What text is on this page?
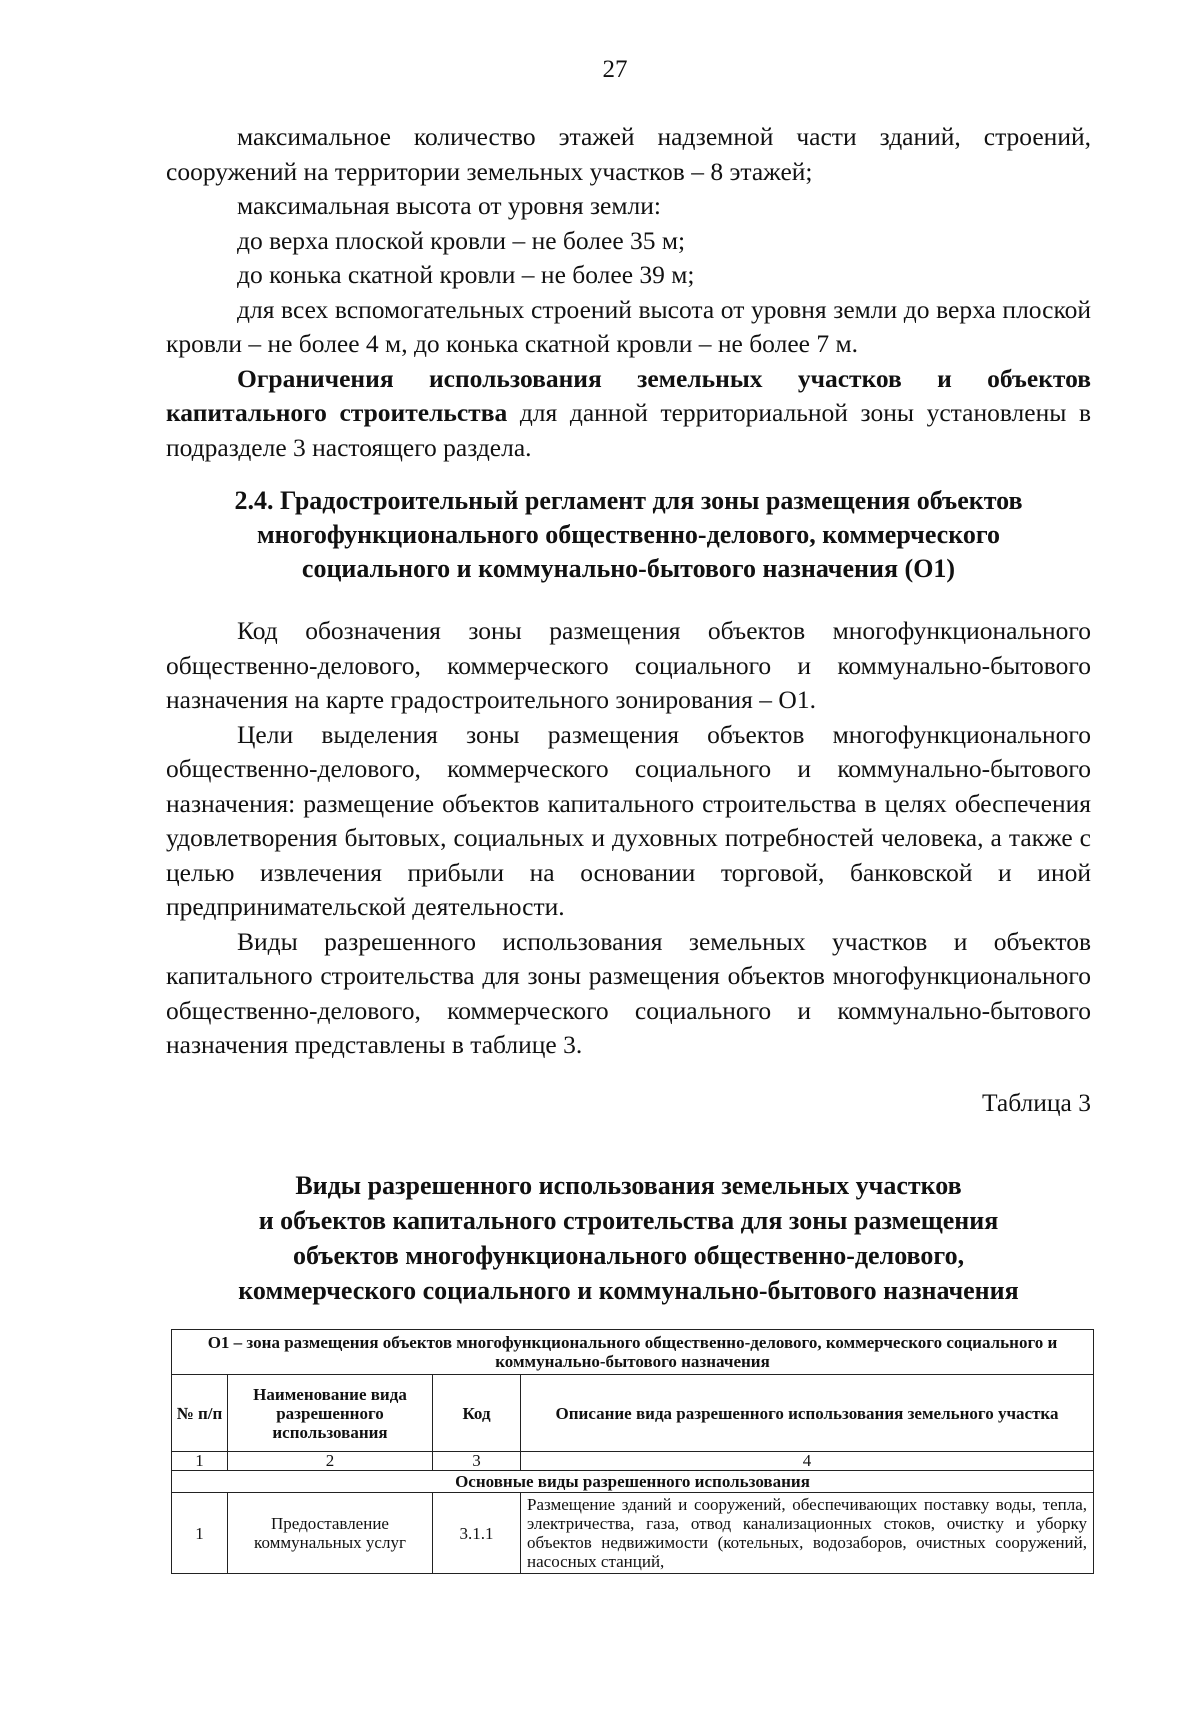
27

максимальное количество этажей надземной части зданий, строений, сооружений на территории земельных участков – 8 этажей;

максимальная высота от уровня земли:

до верха плоской кровли – не более 35 м;

до конька скатной кровли – не более 39 м;

для всех вспомогательных строений высота от уровня земли до верха плоской кровли – не более 4 м, до конька скатной кровли – не более 7 м.

Ограничения использования земельных участков и объектов капитального строительства для данной территориальной зоны установлены в подразделе 3 настоящего раздела.

2.4. Градостроительный регламент для зоны размещения объектов
многофункционального общественно-делового, коммерческого
социального и коммунально-бытового назначения (О1)

Код обозначения зоны размещения объектов многофункционального общественно-делового, коммерческого социального и коммунально-бытового назначения на карте градостроительного зонирования – О1.

Цели выделения зоны размещения объектов многофункционального общественно-делового, коммерческого социального и коммунально-бытового назначения: размещение объектов капитального строительства в целях обеспечения удовлетворения бытовых, социальных и духовных потребностей человека, а также с целью извлечения прибыли на основании торговой, банковской и иной предпринимательской деятельности.

Виды разрешенного использования земельных участков и объектов капитального строительства для зоны размещения объектов многофункционального общественно-делового, коммерческого социального и коммунально-бытового назначения представлены в таблице 3.

Таблица 3
Виды разрешенного использования земельных участков
и объектов капитального строительства для зоны размещения
объектов многофункционального общественно-делового,
коммерческого социального и коммунально-бытового назначения
О1 – зона размещения объектов многофункционального общественно-делового, коммерческого социального и коммунально-бытового назначения			
№ п/п	Наименование вида разрешенного использования	Код	Описание вида разрешенного использования земельного участка
1	2	3	4
Основные виды разрешенного использования			
1	Предоставление коммунальных услуг	3.1.1	Размещение зданий и сооружений, обеспечивающих поставку воды, тепла, электричества, газа, отвод канализационных стоков, очистку и уборку объектов недвижимости (котельных, водозаборов, очистных сооружений, насосных станций,
